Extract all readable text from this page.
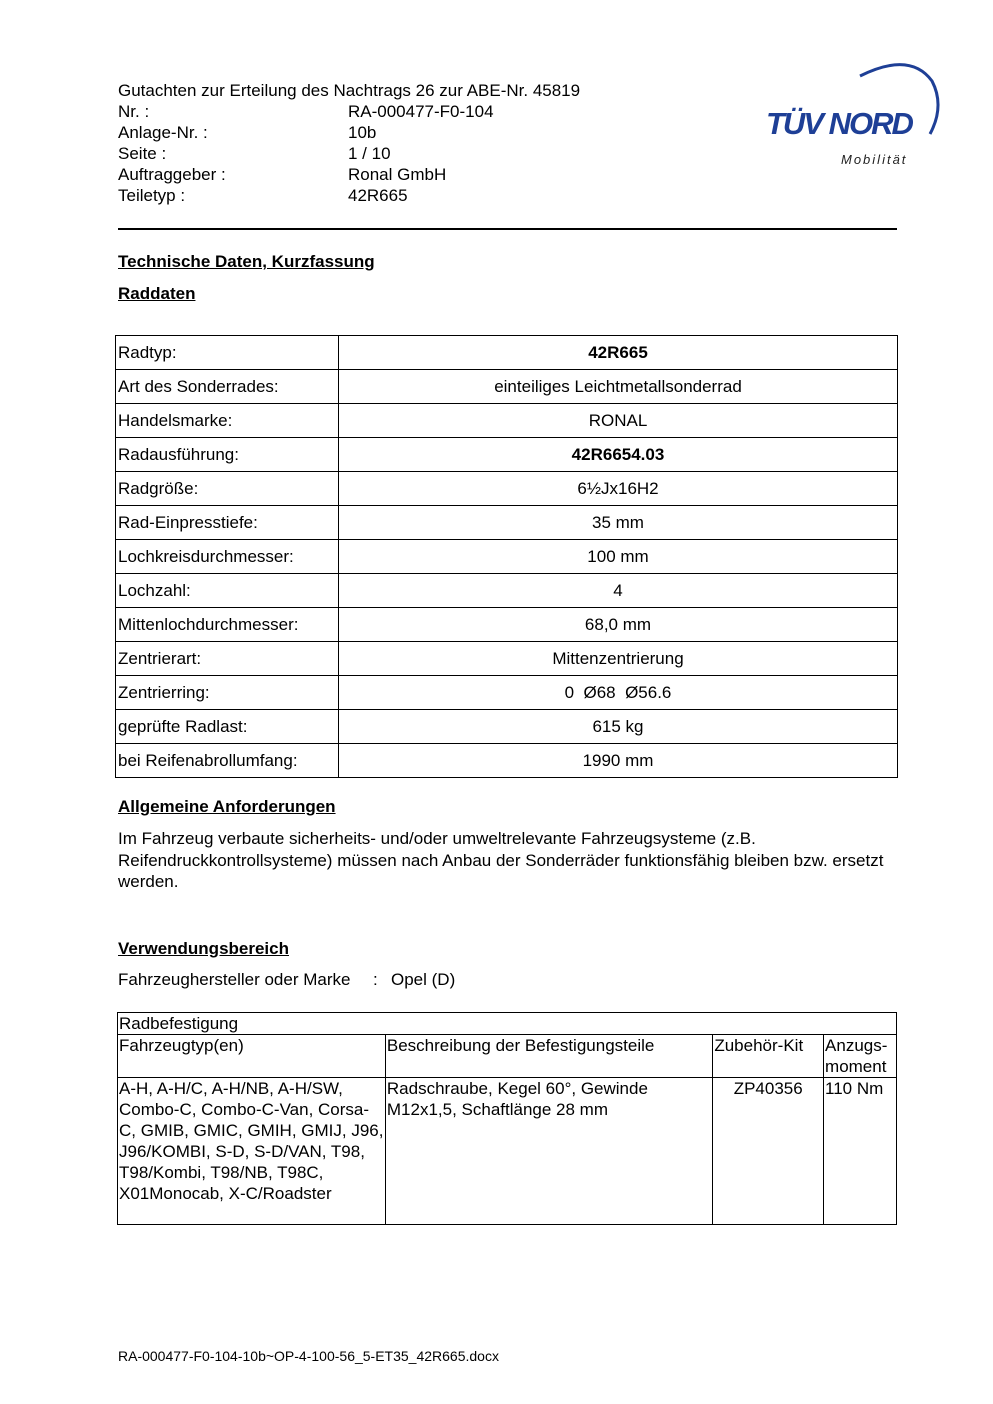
Gutachten zur Erteilung des Nachtrags 26 zur ABE-Nr. 45819
Nr. :	RA-000477-F0-104
Anlage-Nr. :	10b
Seite :	1 / 10
Auftraggeber :	Ronal GmbH
Teiletyp :	42R665
TÜV NORD
Mobilität
Technische Daten, Kurzfassung
Raddaten
Radtyp:	42R665
Art des Sonderrades:	einteiliges Leichtmetallsonderrad
Handelsmarke:	RONAL
Radausführung:	42R6654.03
Radgröße:	6½Jx16H2
Rad-Einpresstiefe:	35 mm
Lochkreisdurchmesser:	100 mm
Lochzahl:	4
Mittenlochdurchmesser:	68,0 mm
Zentrierart:	Mittenzentrierung
Zentrierring:	0  Ø68  Ø56.6
geprüfte Radlast:	615 kg
bei Reifenabrollumfang:	1990 mm
Allgemeine Anforderungen
Im Fahrzeug verbaute sicherheits- und/oder umweltrelevante Fahrzeugsysteme (z.B. Reifendruckkontrollsysteme) müssen nach Anbau der Sonderräder funktionsfähig bleiben bzw. ersetzt werden.
Verwendungsbereich
Fahrzeughersteller oder Marke	: Opel (D)
Radbefestigung			
Fahrzeugtyp(en)	Beschreibung der Befestigungsteile	Zubehör-Kit	Anzugs-moment
A-H, A-H/C, A-H/NB, A-H/SW, Combo-C, Combo-C-Van, Corsa-C, GMIB, GMIC, GMIH, GMIJ, J96, J96/KOMBI, S-D, S-D/VAN, T98, T98/Kombi, T98/NB, T98C, X01Monocab, X-C/Roadster	Radschraube, Kegel 60°, Gewinde M12x1,5, Schaftlänge 28 mm	ZP40356	110 Nm
RA-000477-F0-104-10b~OP-4-100-56_5-ET35_42R665.docx
